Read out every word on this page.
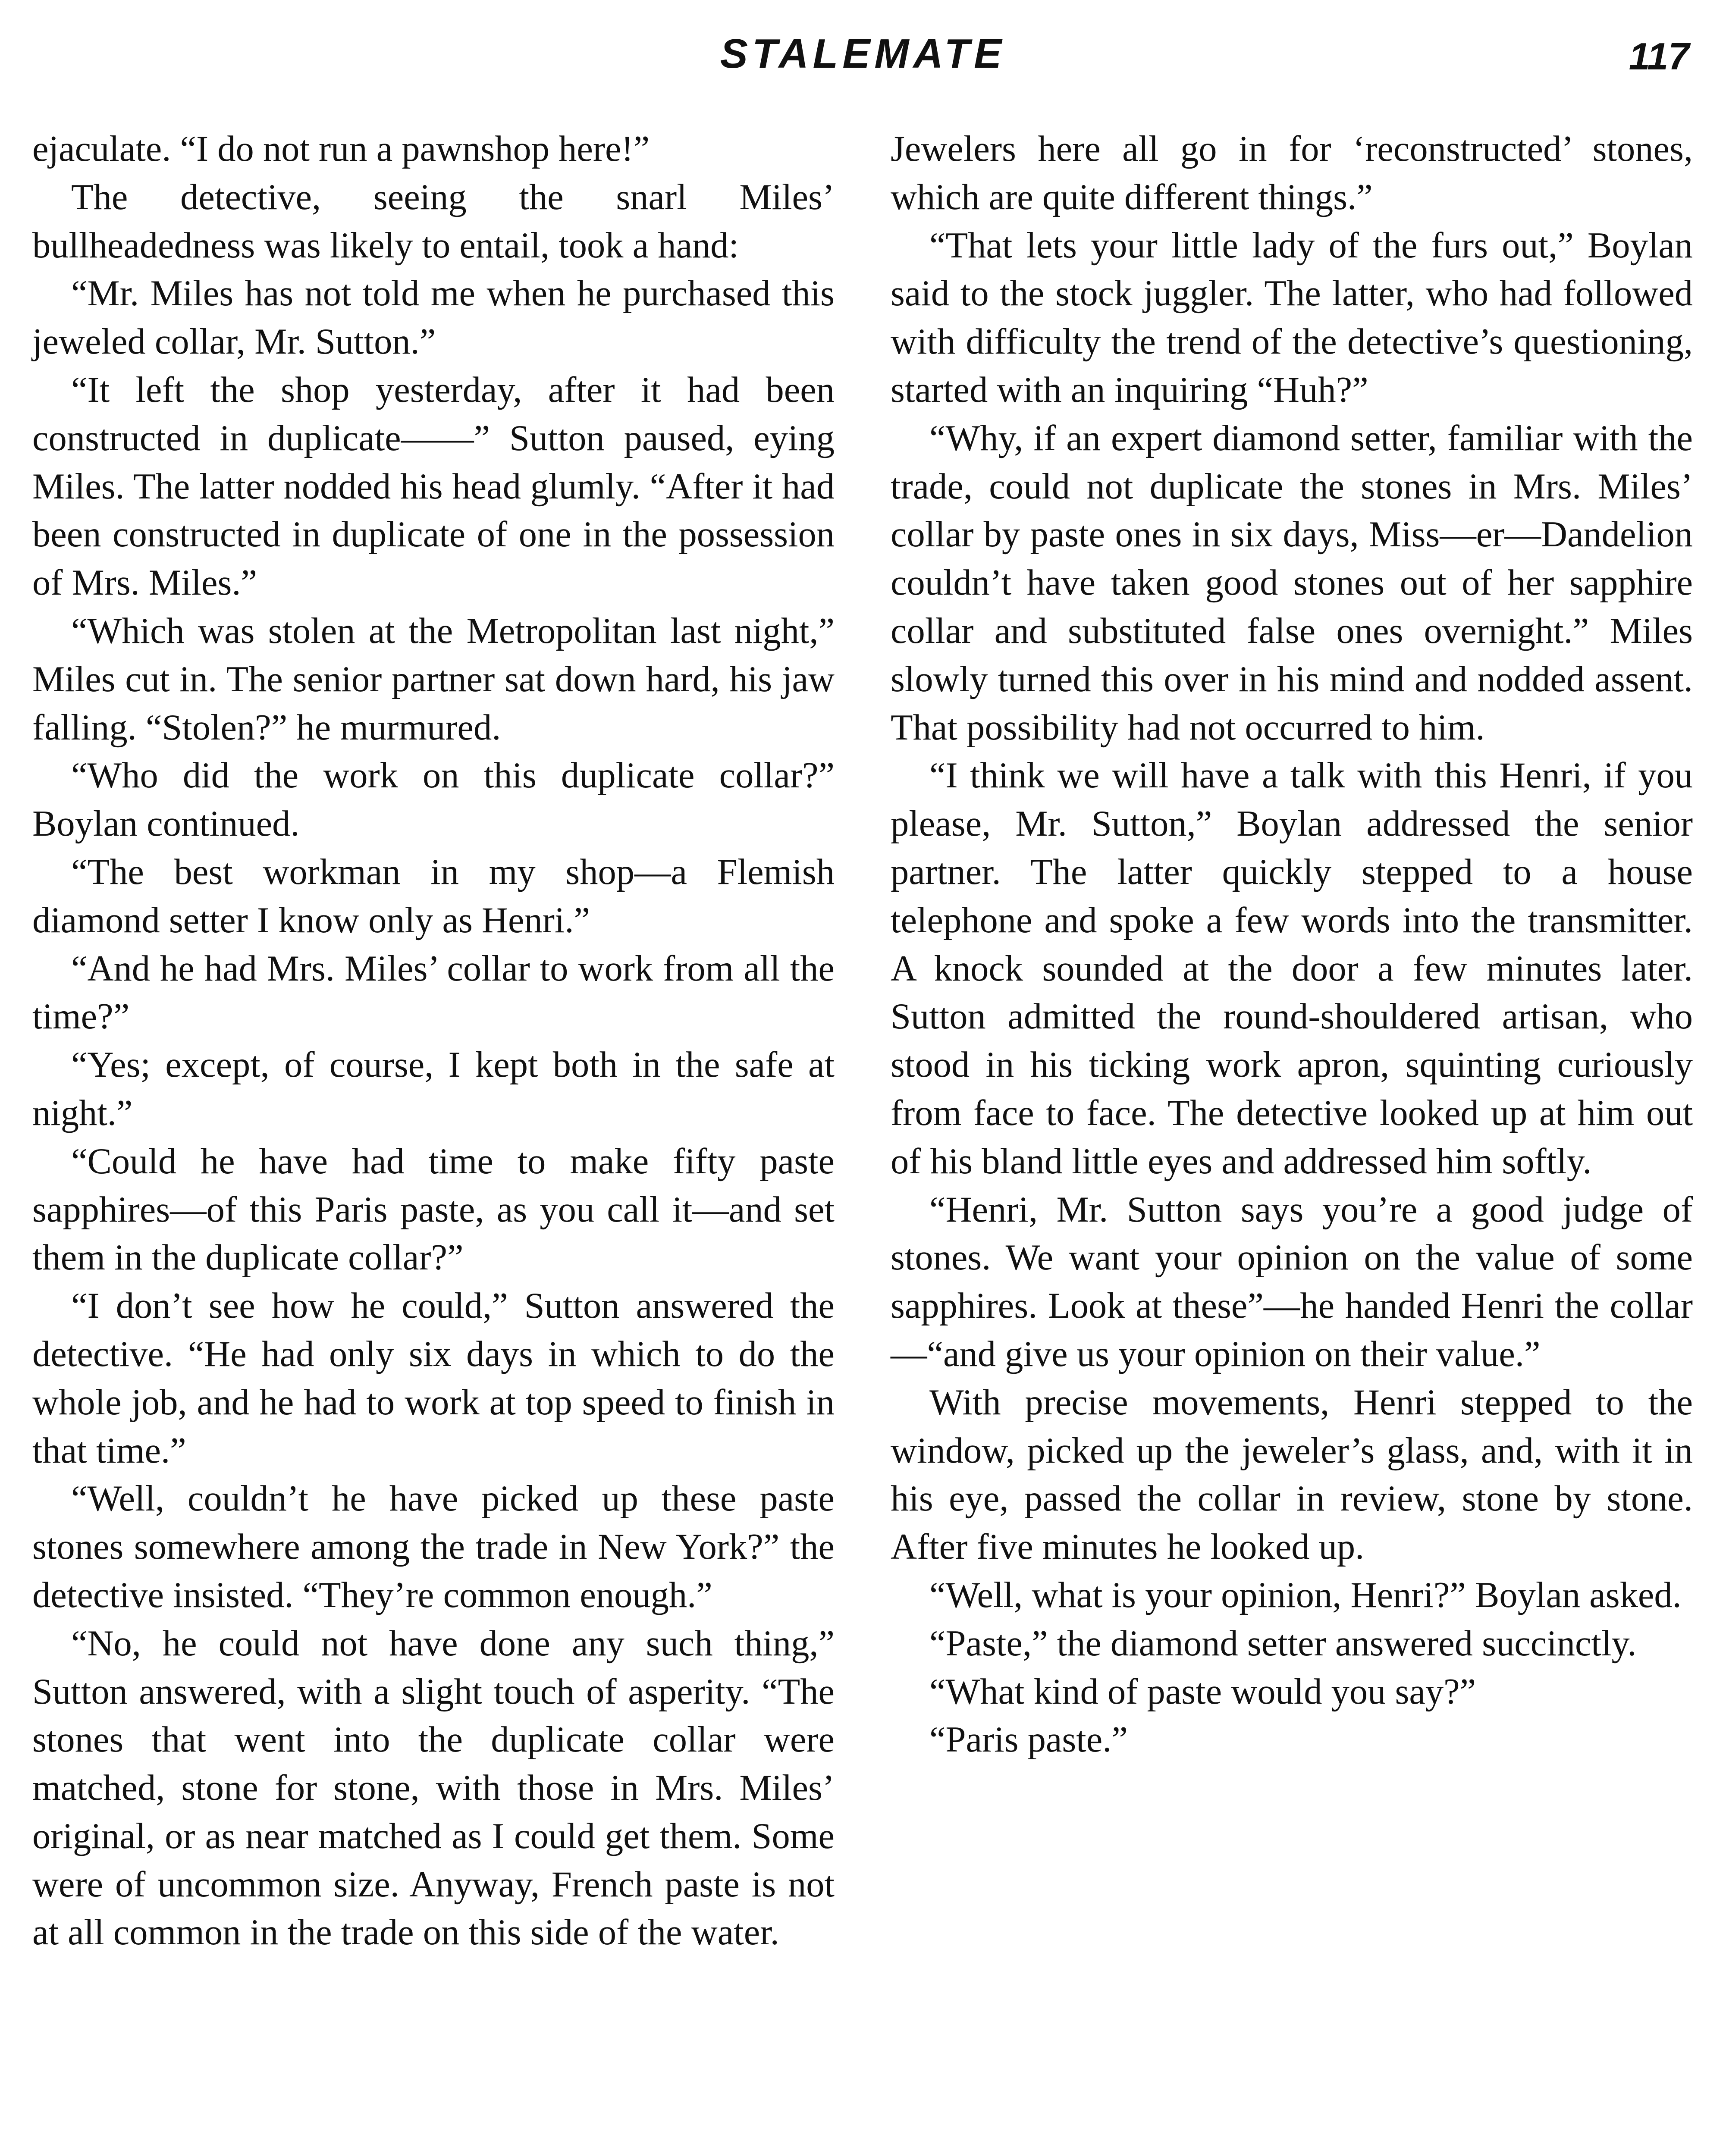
STALEMATE	117

ejaculate. “I do not run a pawnshop here!”

The detective, seeing the snarl Miles’ bullheadedness was likely to entail, took a hand:

“Mr. Miles has not told me when he purchased this jeweled collar, Mr. Sutton.”

“It left the shop yesterday, after it had been constructed in duplicate——” Sutton paused, eying Miles. The latter nodded his head glumly. “After it had been constructed in duplicate of one in the possession of Mrs. Miles.”

“Which was stolen at the Metropolitan last night,” Miles cut in. The senior partner sat down hard, his jaw falling. “Stolen?” he murmured.

“Who did the work on this duplicate collar?” Boylan continued.

“The best workman in my shop—a Flemish diamond setter I know only as Henri.”

“And he had Mrs. Miles’ collar to work from all the time?”

“Yes; except, of course, I kept both in the safe at night.”

“Could he have had time to make fifty paste sapphires—of this Paris paste, as you call it—and set them in the duplicate collar?”

“I don’t see how he could,” Sutton answered the detective. “He had only six days in which to do the whole job, and he had to work at top speed to finish in that time.”

“Well, couldn’t he have picked up these paste stones somewhere among the trade in New York?” the detective insisted. “They’re common enough.”

“No, he could not have done any such thing,” Sutton answered, with a slight touch of asperity. “The stones that went into the duplicate collar were matched, stone for stone, with those in Mrs. Miles’ original, or as near matched as I could get them. Some were of uncommon size. Anyway, French paste is not at all common in the trade on this side of the water.

Jewelers here all go in for ‘reconstructed’ stones, which are quite different things.”

“That lets your little lady of the furs out,” Boylan said to the stock juggler. The latter, who had followed with difficulty the trend of the detective’s questioning, started with an inquiring “Huh?”

“Why, if an expert diamond setter, familiar with the trade, could not duplicate the stones in Mrs. Miles’ collar by paste ones in six days, Miss—er—Dandelion couldn’t have taken good stones out of her sapphire collar and substituted false ones overnight.” Miles slowly turned this over in his mind and nodded assent. That possibility had not occurred to him.

“I think we will have a talk with this Henri, if you please, Mr. Sutton,” Boylan addressed the senior partner. The latter quickly stepped to a house telephone and spoke a few words into the transmitter. A knock sounded at the door a few minutes later. Sutton admitted the round-shouldered artisan, who stood in his ticking work apron, squinting curiously from face to face. The detective looked up at him out of his bland little eyes and addressed him softly.

“Henri, Mr. Sutton says you’re a good judge of stones. We want your opinion on the value of some sapphires. Look at these”—he handed Henri the collar—“and give us your opinion on their value.”

With precise movements, Henri stepped to the window, picked up the jeweler’s glass, and, with it in his eye, passed the collar in review, stone by stone. After five minutes he looked up.

“Well, what is your opinion, Henri?” Boylan asked.

“Paste,” the diamond setter answered succinctly.

“What kind of paste would you say?”

“Paris paste.”
